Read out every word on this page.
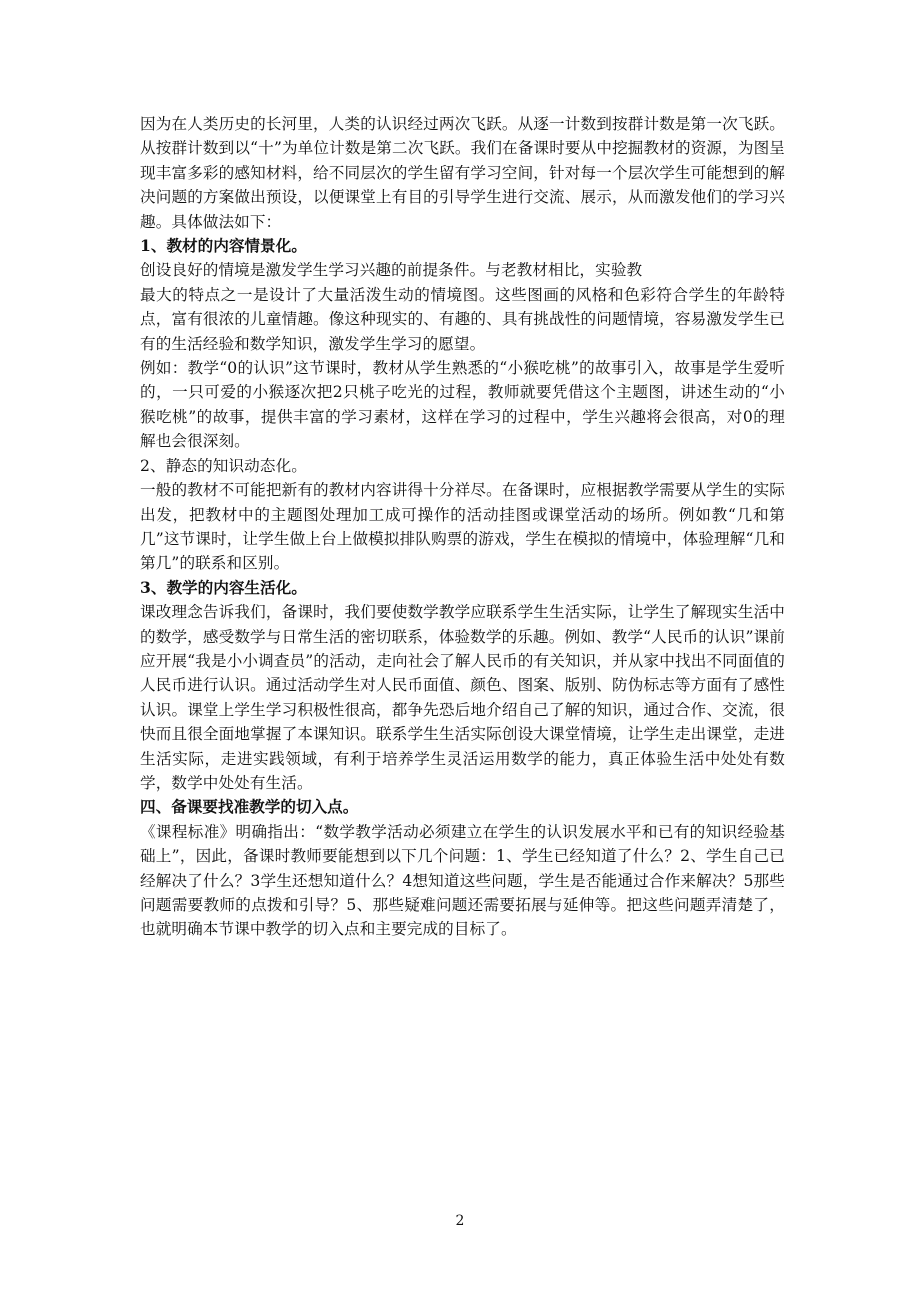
因为在人类历史的长河里，人类的认识经过两次飞跃。从逐一计数到按群计数是第一次飞跃。从按群计数到以“十”为单位计数是第二次飞跃。我们在备课时要从中挖掘教材的资源，为图呈现丰富多彩的感知材料，给不同层次的学生留有学习空间，针对每一个层次学生可能想到的解决问题的方案做出预设，以便课堂上有目的引导学生进行交流、展示，从而激发他们的学习兴趣。具体做法如下：

1、教材的内容情景化。

创设良好的情境是激发学生学习兴趣的前提条件。与老教材相比，实验教

最大的特点之一是设计了大量活泼生动的情境图。这些图画的风格和色彩符合学生的年龄特点，富有很浓的儿童情趣。像这种现实的、有趣的、具有挑战性的问题情境，容易激发学生已有的生活经验和数学知识，激发学生学习的愿望。

例如：教学“0的认识”这节课时，教材从学生熟悉的“小猴吃桃”的故事引入，故事是学生爱听的，一只可爱的小猴逐次把2只桃子吃光的过程，教师就要凭借这个主题图，讲述生动的“小猴吃桃”的故事，提供丰富的学习素材，这样在学习的过程中，学生兴趣将会很高，对0的理解也会很深刻。

2、静态的知识动态化。

一般的教材不可能把新有的教材内容讲得十分祥尽。在备课时，应根据教学需要从学生的实际出发，把教材中的主题图处理加工成可操作的活动挂图或课堂活动的场所。例如教“几和第几”这节课时，让学生做上台上做模拟排队购票的游戏，学生在模拟的情境中，体验理解“几和第几”的联系和区别。

3、教学的内容生活化。

课改理念告诉我们，备课时，我们要使数学教学应联系学生生活实际，让学生了解现实生活中的数学，感受数学与日常生活的密切联系，体验数学的乐趣。例如、教学“人民币的认识”课前应开展“我是小小调查员”的活动，走向社会了解人民币的有关知识，并从家中找出不同面值的人民币进行认识。通过活动学生对人民币面值、颜色、图案、版别、防伪标志等方面有了感性认识。课堂上学生学习积极性很高，都争先恐后地介绍自己了解的知识，通过合作、交流，很快而且很全面地掌握了本课知识。联系学生生活实际创设大课堂情境，让学生走出课堂，走进生活实际，走进实践领域，有利于培养学生灵活运用数学的能力，真正体验生活中处处有数学，数学中处处有生活。

四、备课要找准教学的切入点。

《课程标准》明确指出：“数学教学活动必须建立在学生的认识发展水平和已有的知识经验基础上”，因此，备课时教师要能想到以下几个问题：1、学生已经知道了什么？2、学生自己已经解决了什么？3学生还想知道什么？4想知道这些问题，学生是否能通过合作来解决？5那些问题需要教师的点拨和引导？5、那些疑难问题还需要拓展与延伸等。把这些问题弄清楚了，也就明确本节课中教学的切入点和主要完成的目标了。

2
